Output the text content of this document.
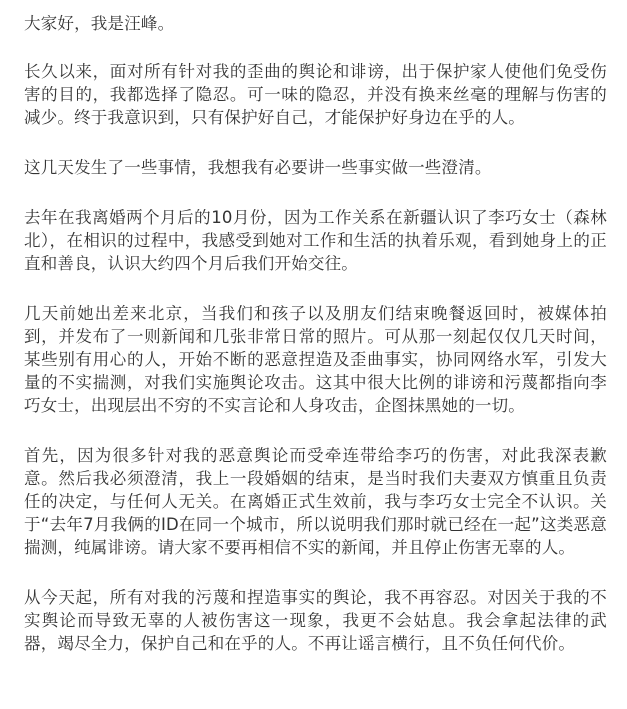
大家好，我是汪峰。

长久以来，面对所有针对我的歪曲的舆论和诽谤，出于保护家人使他们免受伤害的目的，我都选择了隐忍。可一味的隐忍，并没有换来丝毫的理解与伤害的减少。终于我意识到，只有保护好自己，才能保护好身边在乎的人。

这几天发生了一些事情，我想我有必要讲一些事实做一些澄清。

去年在我离婚两个月后的10月份，因为工作关系在新疆认识了李巧女士（森林北），在相识的过程中，我感受到她对工作和生活的执着乐观，看到她身上的正直和善良，认识大约四个月后我们开始交往。

几天前她出差来北京，当我们和孩子以及朋友们结束晚餐返回时，被媒体拍到，并发布了一则新闻和几张非常日常的照片。可从那一刻起仅仅几天时间，某些别有用心的人，开始不断的恶意捏造及歪曲事实，协同网络水军，引发大量的不实揣测，对我们实施舆论攻击。这其中很大比例的诽谤和污蔑都指向李巧女士，出现层出不穷的不实言论和人身攻击，企图抹黑她的一切。

首先，因为很多针对我的恶意舆论而受牵连带给李巧的伤害，对此我深表歉意。然后我必须澄清，我上一段婚姻的结束，是当时我们夫妻双方慎重且负责任的决定，与任何人无关。在离婚正式生效前，我与李巧女士完全不认识。关于“去年7月我俩的ID在同一个城市，所以说明我们那时就已经在一起”这类恶意揣测，纯属诽谤。请大家不要再相信不实的新闻，并且停止伤害无辜的人。

从今天起，所有对我的污蔑和捏造事实的舆论，我不再容忍。对因关于我的不实舆论而导致无辜的人被伤害这一现象，我更不会姑息。我会拿起法律的武器，竭尽全力，保护自己和在乎的人。不再让谣言横行，且不负任何代价。
